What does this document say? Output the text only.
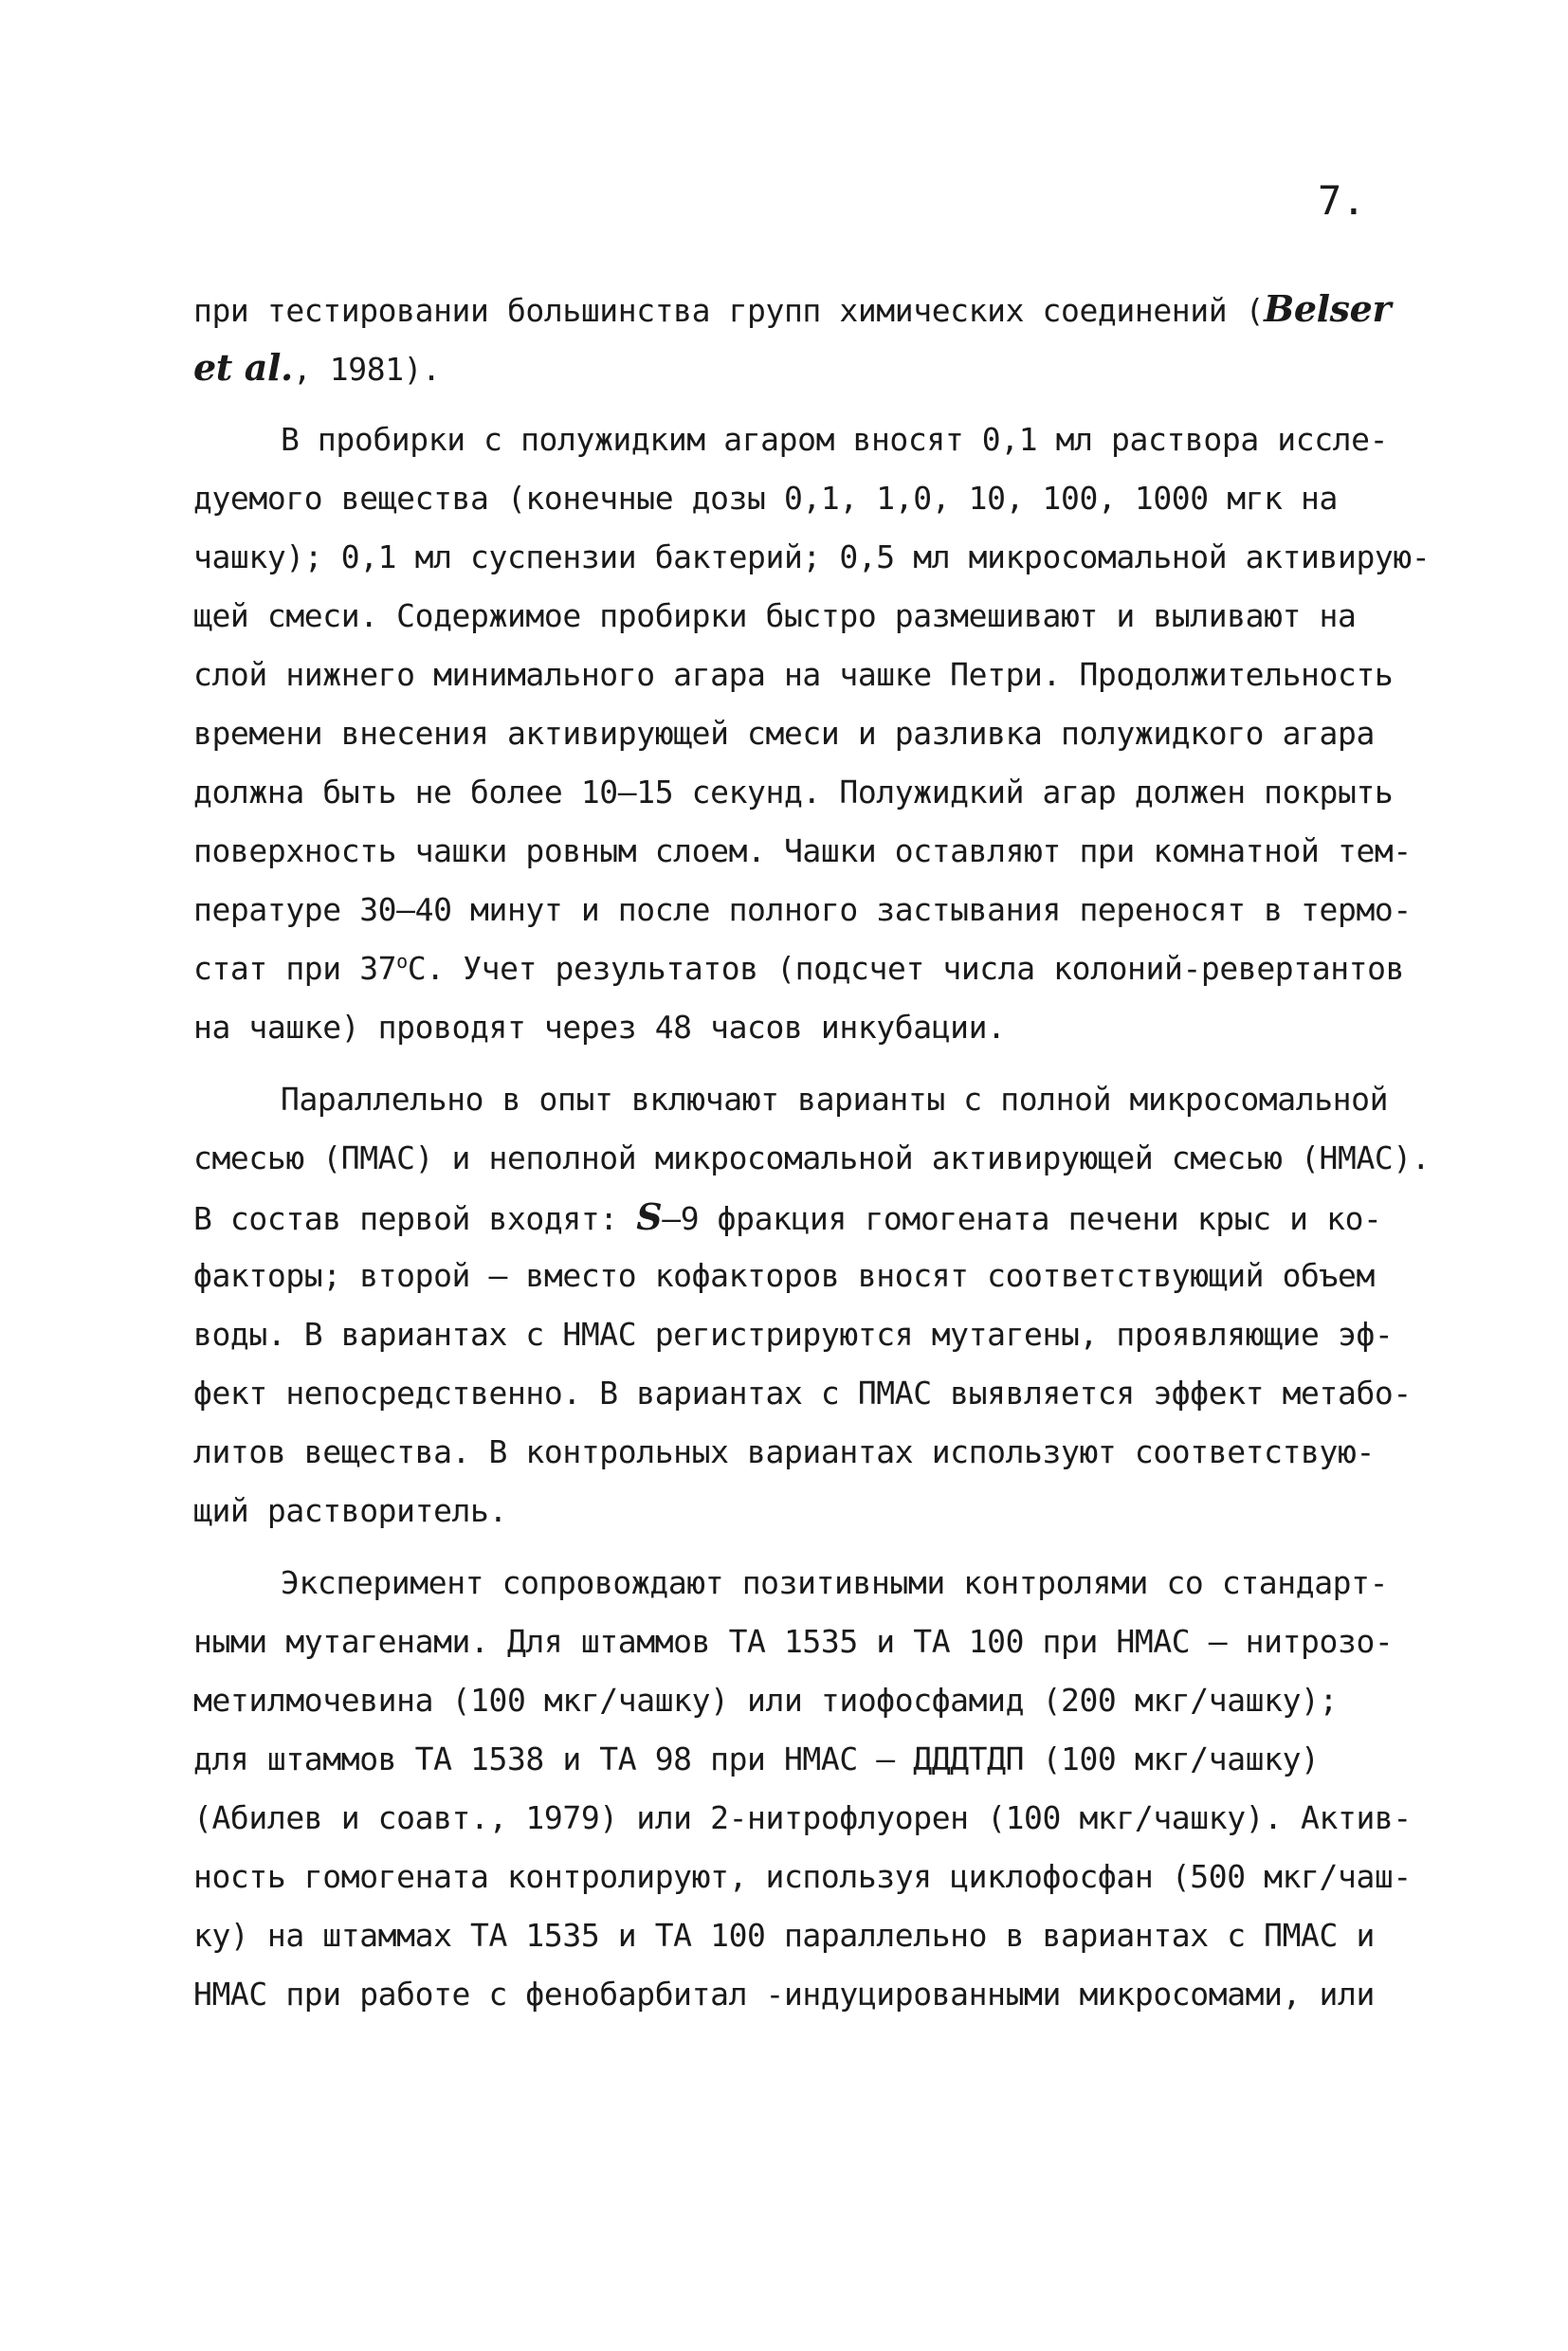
7.
при тестировании большинства групп химических соединений (Belser
et al., 1981).
В пробирки с полужидким агаром вносят 0,1 мл раствора иссле-
дуемого вещества (конечные дозы 0,1, 1,0, 10, 100, 1000 мгк на
чашку); 0,1 мл суспензии бактерий; 0,5 мл микросомальной активирую-
щей смеси. Содержимое пробирки быстро размешивают и выливают на
слой нижнего минимального агара на чашке Петри. Продолжительность
времени внесения активирующей смеси и разливка полужидкого агара
должна быть не более 10–15 секунд. Полужидкий агар должен покрыть
поверхность чашки ровным слоем. Чашки оставляют при комнатной тем-
пературе 30–40 минут и после полного застывания переносят в термо-
стат при $37^оС$. Учет результатов (подсчет числа колоний-ревертантов
на чашке) проводят через 48 часов инкубации.
Параллельно в опыт включают варианты с полной микросомальной
смесью (ПМАС) и неполной микросомальной активирующей смесью (НМАС).
В состав первой входят: S–9 фракция гомогената печени крыс и ко-
факторы; второй – вместо кофакторов вносят соответствующий объем
воды. В вариантах с НМАС регистрируются мутагены, проявляющие эф-
фект непосредственно. В вариантах с ПМАС выявляется эффект метабо-
литов вещества. В контрольных вариантах используют соответствую-
щий растворитель.
Эксперимент сопровождают позитивными контролями со стандарт-
ными мутагенами. Для штаммов ТА 1535 и ТА 100 при НМАС – нитрозо-
метилмочевина (100 мкг/чашку) или тиофосфамид (200 мкг/чашку);
для штаммов ТА 1538 и ТА 98 при НМАС – ДДДТДП (100 мкг/чашку)
(Абилев и соавт., 1979) или 2-нитрофлуорен (100 мкг/чашку). Актив-
ность гомогената контролируют, используя циклофосфан (500 мкг/чаш-
ку) на штаммах ТА 1535 и ТА 100 параллельно в вариантах с ПМАС и
НМАС при работе с фенобарбитал -индуцированными микросомами, или
